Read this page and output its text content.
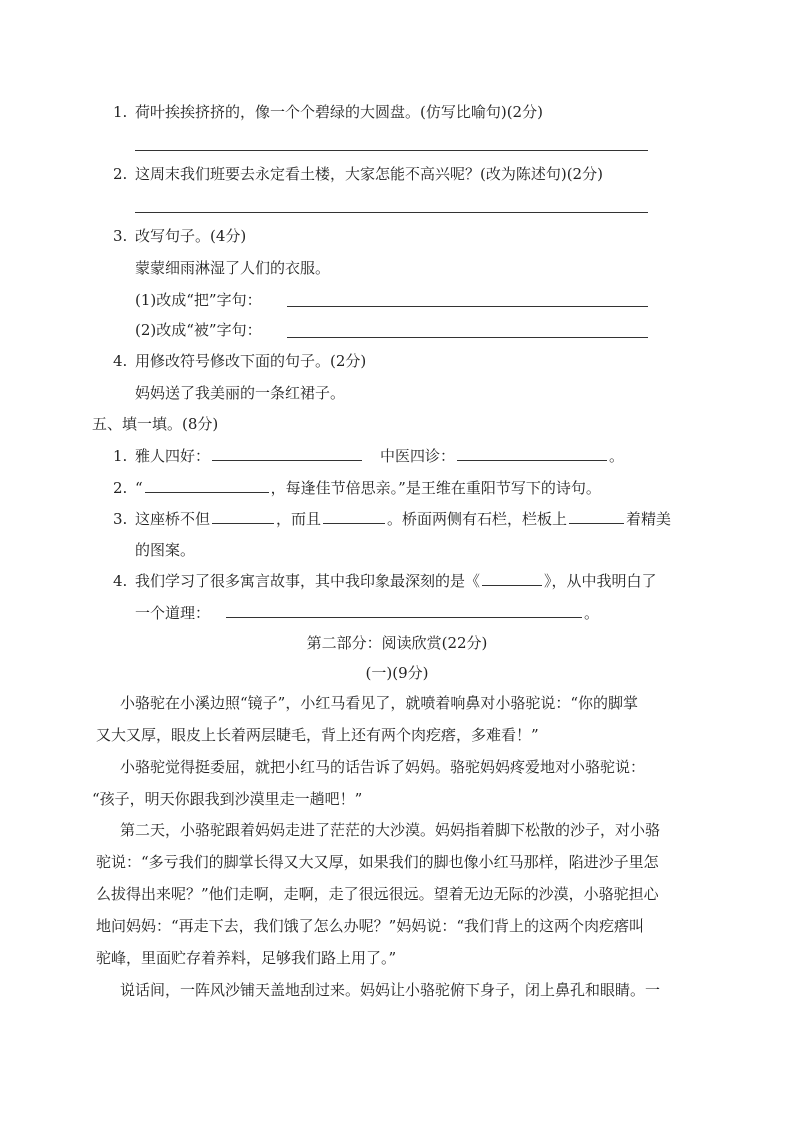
1. 荷叶挨挨挤挤的，像一个个碧绿的大圆盘。(仿写比喻句)(2分)
2. 这周末我们班要去永定看土楼，大家怎能不高兴呢？(改为陈述句)(2分)
3. 改写句子。(4分)
蒙蒙细雨淋湿了人们的衣服。
(1)改成“把”字句：
(2)改成“被”字句：
4. 用修改符号修改下面的句子。(2分)
妈妈送了我美丽的一条红裙子。
五、填一填。(8分)
1. 雅人四好：	中医四诊：	。
2. “	，每逢佳节倍思亲。”是王维在重阳节写下的诗句。
3. 这座桥不但	，而且	。桥面两侧有石栏，栏板上	着精美
的图案。
4. 我们学习了很多寓言故事，其中我印象最深刻的是《	》，从中我明白了
一个道理：	。
第二部分：阅读欣赏(22分)
(一)(9分)
小骆驼在小溪边照“镜子”，小红马看见了，就喷着响鼻对小骆驼说：“你的脚掌
又大又厚，眼皮上长着两层睫毛，背上还有两个肉疙瘩，多难看！”
小骆驼觉得挺委屈，就把小红马的话告诉了妈妈。骆驼妈妈疼爱地对小骆驼说：
“孩子，明天你跟我到沙漠里走一趟吧！”
第二天，小骆驼跟着妈妈走进了茫茫的大沙漠。妈妈指着脚下松散的沙子，对小骆
驼说：“多亏我们的脚掌长得又大又厚，如果我们的脚也像小红马那样，陷进沙子里怎
么拔得出来呢？”他们走啊，走啊，走了很远很远。望着无边无际的沙漠，小骆驼担心
地问妈妈：“再走下去，我们饿了怎么办呢？”妈妈说：“我们背上的这两个肉疙瘩叫
驼峰，里面贮存着养料，足够我们路上用了。”
说话间，一阵风沙铺天盖地刮过来。妈妈让小骆驼俯下身子，闭上鼻孔和眼睛。一
